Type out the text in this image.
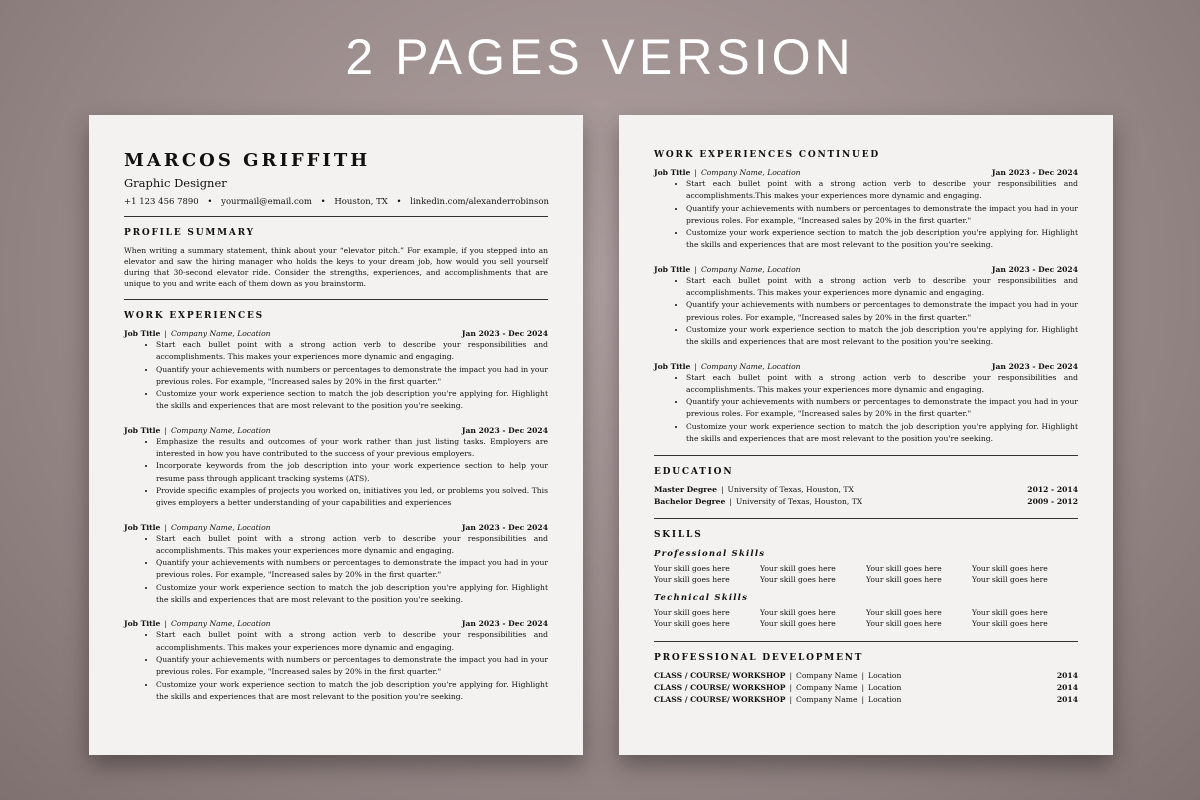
2 PAGES VERSION
MARCOS GRIFFITH
Graphic Designer
+1 123 456 7890 • yourmail@email.com • Houston, TX • linkedin.com/alexanderrobinson
PROFILE SUMMARY
When writing a summary statement, think about your “elevator pitch.” For example, if you stepped into an elevator and saw the hiring manager who holds the keys to your dream job, how would you sell yourself during that 30-second elevator ride. Consider the strengths, experiences, and accomplishments that are unique to you and write each of them down as you brainstorm.
WORK EXPERIENCES
Job Title | Company Name, Location	Jan 2023 - Dec 2024
• Start each bullet point with a strong action verb to describe your responsibilities and accomplishments. This makes your experiences more dynamic and engaging.
• Quantify your achievements with numbers or percentages to demonstrate the impact you had in your previous roles. For example, "Increased sales by 20% in the first quarter."
• Customize your work experience section to match the job description you're applying for. Highlight the skills and experiences that are most relevant to the position you're seeking.
Job Title | Company Name, Location	Jan 2023 - Dec 2024
• Emphasize the results and outcomes of your work rather than just listing tasks. Employers are interested in how you have contributed to the success of your previous employers.
• Incorporate keywords from the job description into your work experience section to help your resume pass through applicant tracking systems (ATS).
• Provide specific examples of projects you worked on, initiatives you led, or problems you solved. This gives employers a better understanding of your capabilities and experiences
Job Title | Company Name, Location	Jan 2023 - Dec 2024
• Start each bullet point with a strong action verb to describe your responsibilities and accomplishments. This makes your experiences more dynamic and engaging.
• Quantify your achievements with numbers or percentages to demonstrate the impact you had in your previous roles. For example, "Increased sales by 20% in the first quarter."
• Customize your work experience section to match the job description you're applying for. Highlight the skills and experiences that are most relevant to the position you're seeking.
Job Title | Company Name, Location	Jan 2023 - Dec 2024
• Start each bullet point with a strong action verb to describe your responsibilities and accomplishments. This makes your experiences more dynamic and engaging.
• Quantify your achievements with numbers or percentages to demonstrate the impact you had in your previous roles. For example, "Increased sales by 20% in the first quarter."
• Customize your work experience section to match the job description you're applying for. Highlight the skills and experiences that are most relevant to the position you're seeking.
WORK EXPERIENCES CONTINUED
Job Title | Company Name, Location	Jan 2023 - Dec 2024
• Start each bullet point with a strong action verb to describe your responsibilities and accomplishments.This makes your experiences more dynamic and engaging.
• Quantify your achievements with numbers or percentages to demonstrate the impact you had in your previous roles. For example, "Increased sales by 20% in the first quarter."
• Customize your work experience section to match the job description you're applying for. Highlight the skills and experiences that are most relevant to the position you're seeking.
Job Title | Company Name, Location	Jan 2023 - Dec 2024
• Start each bullet point with a strong action verb to describe your responsibilities and accomplishments. This makes your experiences more dynamic and engaging.
• Quantify your achievements with numbers or percentages to demonstrate the impact you had in your previous roles. For example, "Increased sales by 20% in the first quarter."
• Customize your work experience section to match the job description you're applying for. Highlight the skills and experiences that are most relevant to the position you're seeking.
Job Title | Company Name, Location	Jan 2023 - Dec 2024
• Start each bullet point with a strong action verb to describe your responsibilities and accomplishments. This makes your experiences more dynamic and engaging.
• Quantify your achievements with numbers or percentages to demonstrate the impact you had in your previous roles. For example, "Increased sales by 20% in the first quarter."
• Customize your work experience section to match the job description you're applying for. Highlight the skills and experiences that are most relevant to the position you're seeking.
EDUCATION
Master Degree | University of Texas, Houston, TX	2012 - 2014
Bachelor Degree | University of Texas, Houston, TX	2009 - 2012
SKILLS
Professional Skills
Your skill goes here	Your skill goes here	Your skill goes here	Your skill goes here
Your skill goes here	Your skill goes here	Your skill goes here	Your skill goes here
Technical Skills
Your skill goes here	Your skill goes here	Your skill goes here	Your skill goes here
Your skill goes here	Your skill goes here	Your skill goes here	Your skill goes here
PROFESSIONAL DEVELOPMENT
CLASS / COURSE/ WORKSHOP | Company Name | Location	2014
CLASS / COURSE/ WORKSHOP | Company Name | Location	2014
CLASS / COURSE/ WORKSHOP | Company Name | Location	2014
